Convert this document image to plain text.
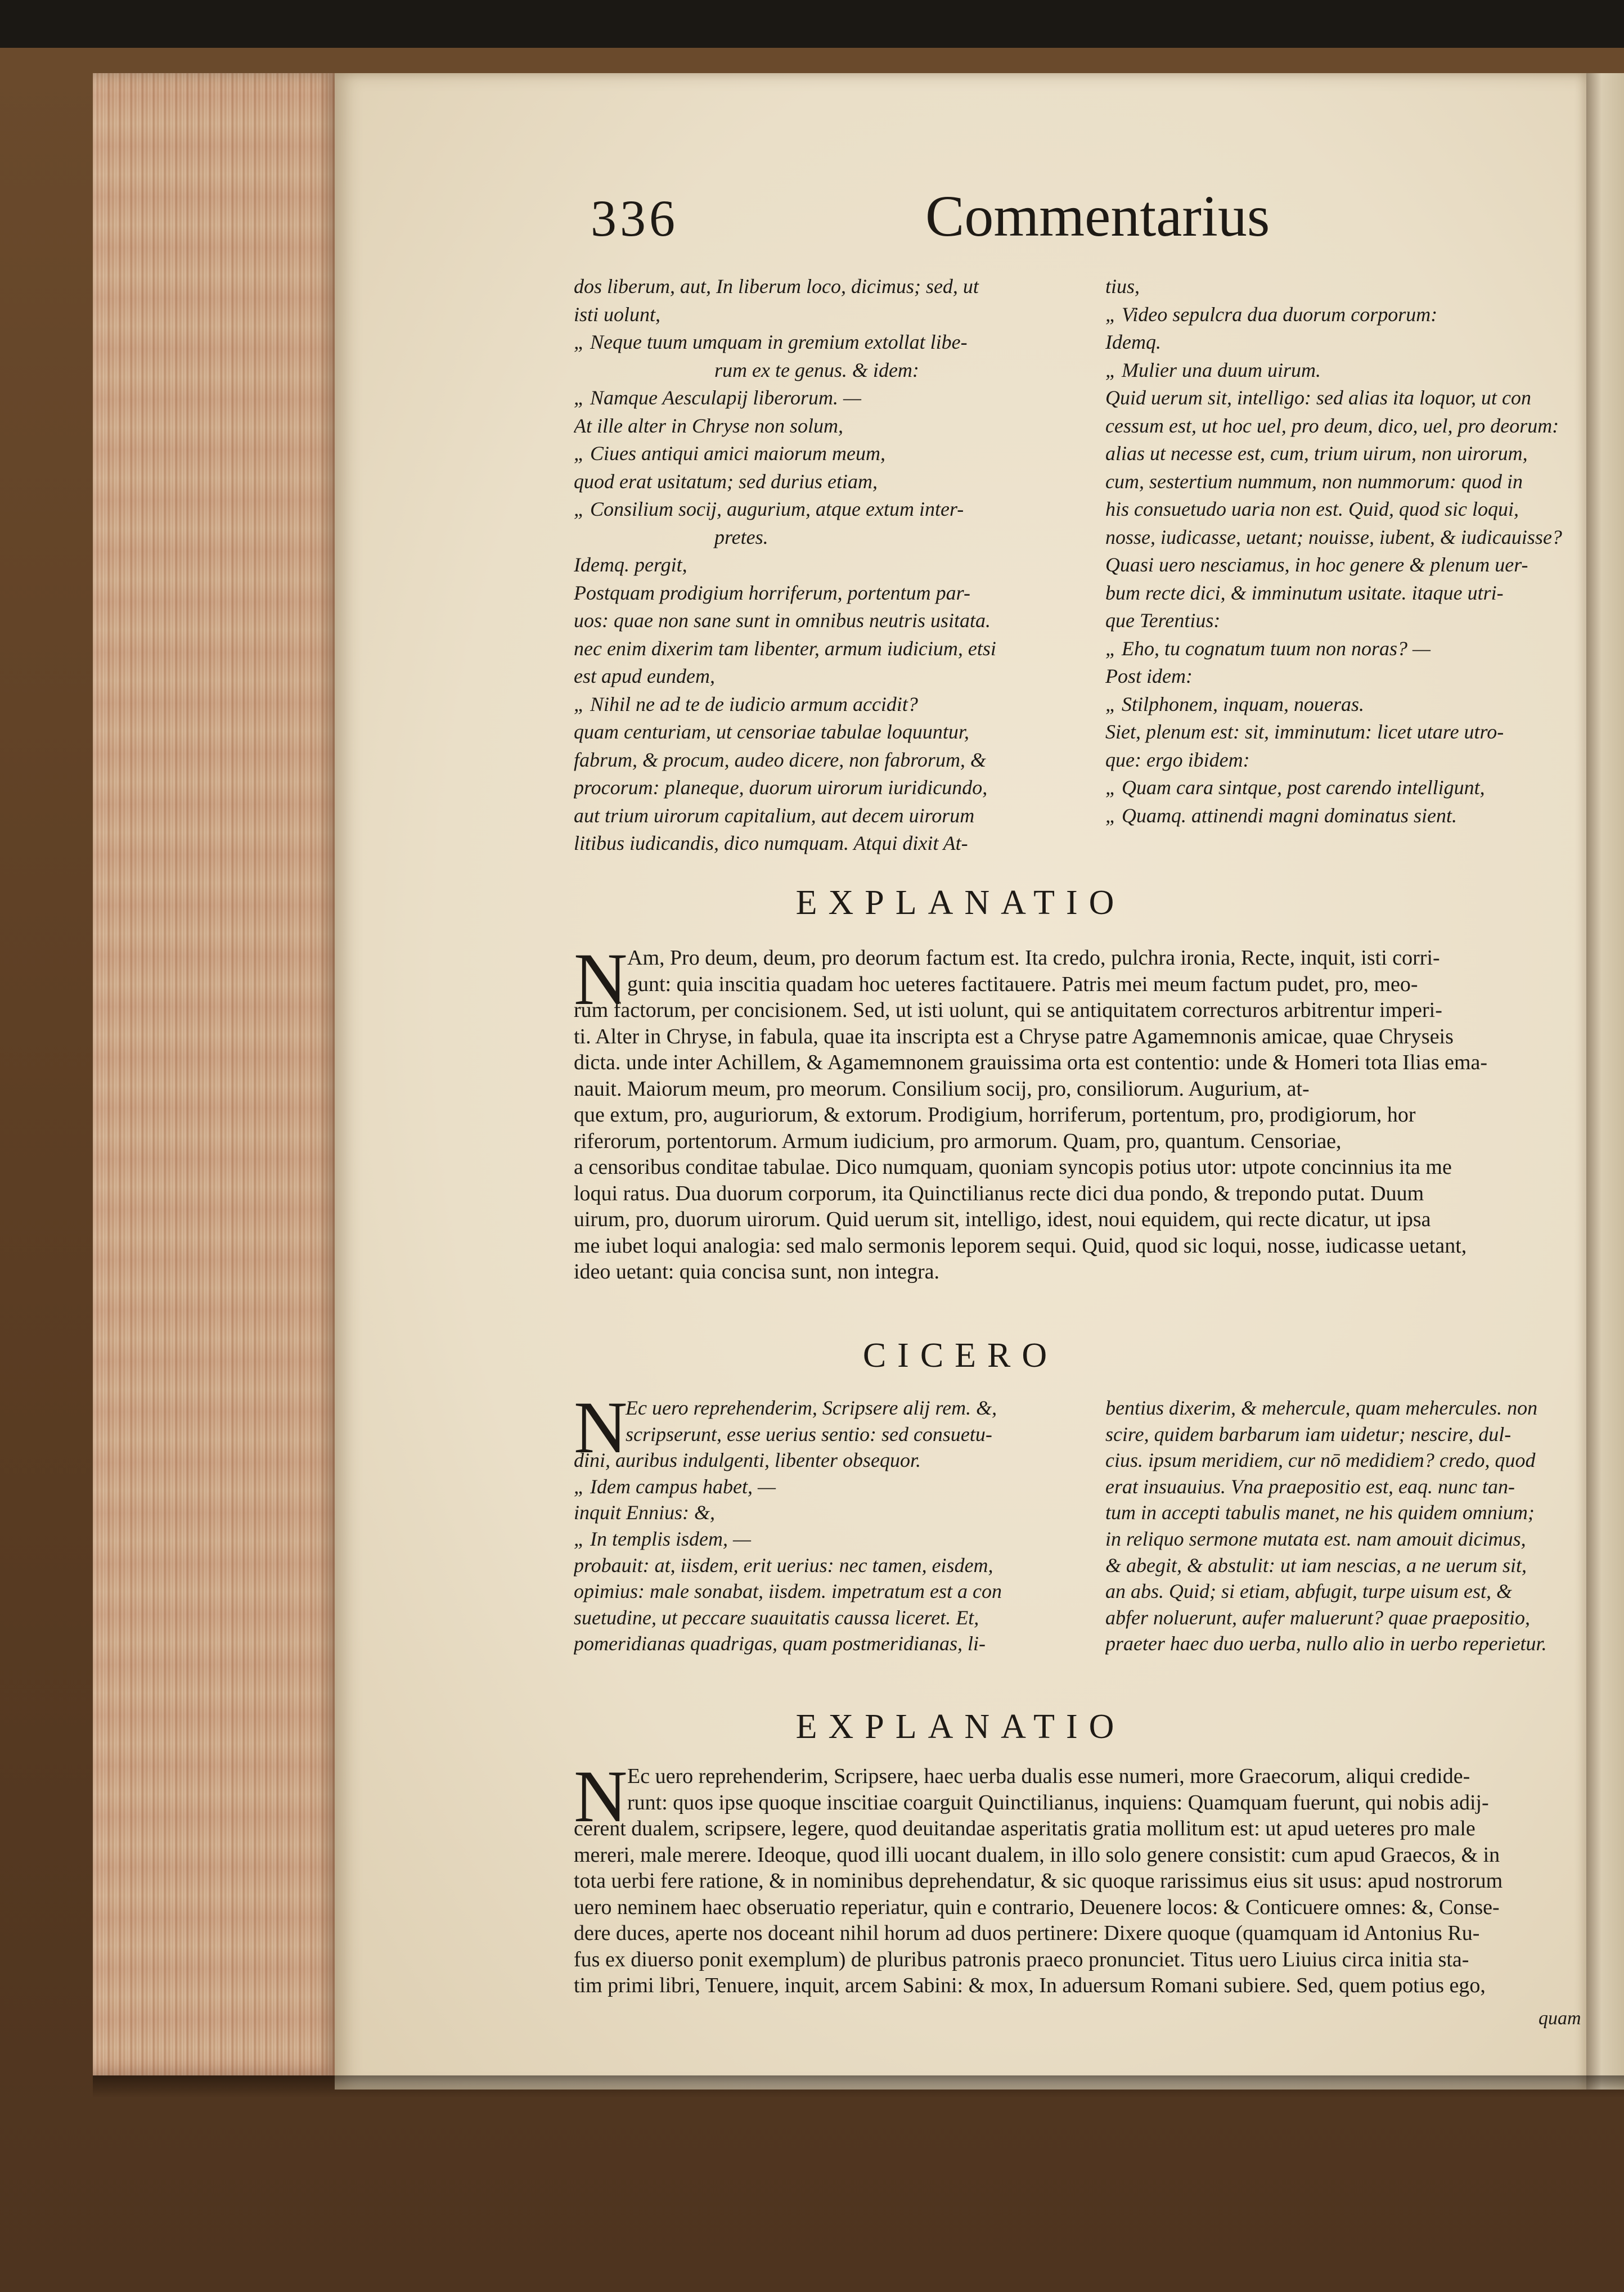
336	Commentarius
dos liberum, aut, In liberum loco, dicimus; sed, ut
isti uolunt,
„ Neque tuum umquam in gremium extollat libe-
rum ex te genus. & idem:
„ Namque Aesculapij liberorum. —
At ille alter in Chryse non solum,
„ Ciues antiqui amici maiorum meum,
quod erat usitatum; sed durius etiam,
„ Consilium socij, augurium, atque extum inter-
pretes.
Idemq. pergit,
Postquam prodigium horriferum, portentum par-
uos: quae non sane sunt in omnibus neutris usitata.
nec enim dixerim tam libenter, armum iudicium, etsi
est apud eundem,
„ Nihil ne ad te de iudicio armum accidit?
quam centuriam, ut censoriae tabulae loquuntur,
fabrum, & procum, audeo dicere, non fabrorum, &
procorum: planeque, duorum uirorum iuridicundo,
aut trium uirorum capitalium, aut decem uirorum
litibus iudicandis, dico numquam. Atqui dixit At-
tius,
„ Video sepulcra dua duorum corporum:
Idemq.
„ Mulier una duum uirum.
Quid uerum sit, intelligo: sed alias ita loquor, ut con
cessum est, ut hoc uel, pro deum, dico, uel, pro deorum:
alias ut necesse est, cum, trium uirum, non uirorum,
cum, sestertium nummum, non nummorum: quod in
his consuetudo uaria non est. Quid, quod sic loqui,
nosse, iudicasse, uetant; nouisse, iubent, & iudicauisse?
Quasi uero nesciamus, in hoc genere & plenum uer-
bum recte dici, & imminutum usitate. itaque utri-
que Terentius:
„ Eho, tu cognatum tuum non noras? —
Post idem:
„ Stilphonem, inquam, noueras.
Siet, plenum est: sit, imminutum: licet utare utro-
que: ergo ibidem:
„ Quam cara sintque, post carendo intelligunt,
„ Quamq. attinendi magni dominatus sient.
EXPLANATIO
N Am, Pro deum, deum, pro deorum factum est. Ita credo, pulchra ironia, Recte, inquit, isti corri-
gunt: quia inscitia quadam hoc ueteres factitauere. Patris mei meum factum pudet, pro, meo-
rum factorum, per concisionem. Sed, ut isti uolunt, qui se antiquitatem correcturos arbitrentur imperi-
ti. Alter in Chryse, in fabula, quae ita inscripta est a Chryse patre Agamemnonis amicae, quae Chryseis
dicta. unde inter Achillem, & Agamemnonem grauissima orta est contentio: unde & Homeri tota Ilias ema-
nauit. Maiorum meum, pro meorum. Consilium socij, pro, consiliorum. Augurium, at-
que extum, pro, auguriorum, & extorum. Prodigium, horriferum, portentum, pro, prodigiorum, hor
riferorum, portentorum. Armum iudicium, pro armorum. Quam, pro, quantum. Censoriae,
a censoribus conditae tabulae. Dico numquam, quoniam syncopis potius utor: utpote concinnius ita me
loqui ratus. Dua duorum corporum, ita Quinctilianus recte dici dua pondo, & trepondo putat. Duum
uirum, pro, duorum uirorum. Quid uerum sit, intelligo, idest, noui equidem, qui recte dicatur, ut ipsa
me iubet loqui analogia: sed malo sermonis leporem sequi. Quid, quod sic loqui, nosse, iudicasse uetant,
ideo uetant: quia concisa sunt, non integra.
CICERO
N
Ec uero reprehenderim, Scripsere alij rem. &,
scripserunt, esse uerius sentio: sed consuetu-
dini, auribus indulgenti, libenter obsequor.
„ Idem campus habet, —
inquit Ennius: &,
„ In templis isdem, —
probauit: at, iisdem, erit uerius: nec tamen, eisdem,
opimius: male sonabat, iisdem. impetratum est a con
suetudine, ut peccare suauitatis caussa liceret. Et,
pomeridianas quadrigas, quam postmeridianas, li-
bentius dixerim, & mehercule, quam mehercules. non
scire, quidem barbarum iam uidetur; nescire, dul-
cius. ipsum meridiem, cur nō medidiem? credo, quod
erat insuauius. Vna praepositio est, eaq. nunc tan-
tum in accepti tabulis manet, ne his quidem omnium;
in reliquo sermone mutata est. nam amouit dicimus,
& abegit, & abstulit: ut iam nescias, a ne uerum sit,
an abs. Quid; si etiam, abfugit, turpe uisum est, &
abfer noluerunt, aufer maluerunt? quae praepositio,
praeter haec duo uerba, nullo alio in uerbo reperietur.
EXPLANATIO
N Ec uero reprehenderim, Scripsere, haec uerba dualis esse numeri, more Graecorum, aliqui credide-
runt: quos ipse quoque inscitiae coarguit Quinctilianus, inquiens: Quamquam fuerunt, qui nobis adij-
cerent dualem, scripsere, legere, quod deuitandae asperitatis gratia mollitum est: ut apud ueteres pro male
mereri, male merere. Ideoque, quod illi uocant dualem, in illo solo genere consistit: cum apud Graecos, & in
tota uerbi fere ratione, & in nominibus deprehendatur, & sic quoque rarissimus eius sit usus: apud nostrorum
uero neminem haec obseruatio reperiatur, quin e contrario, Deuenere locos: & Conticuere omnes: &, Conse-
dere duces, aperte nos doceant nihil horum ad duos pertinere: Dixere quoque (quamquam id Antonius Ru-
fus ex diuerso ponit exemplum) de pluribus patronis praeco pronunciet. Titus uero Liuius circa initia sta-
tim primi libri, Tenuere, inquit, arcem Sabini: & mox, In aduersum Romani subiere. Sed, quem potius ego,
quam
